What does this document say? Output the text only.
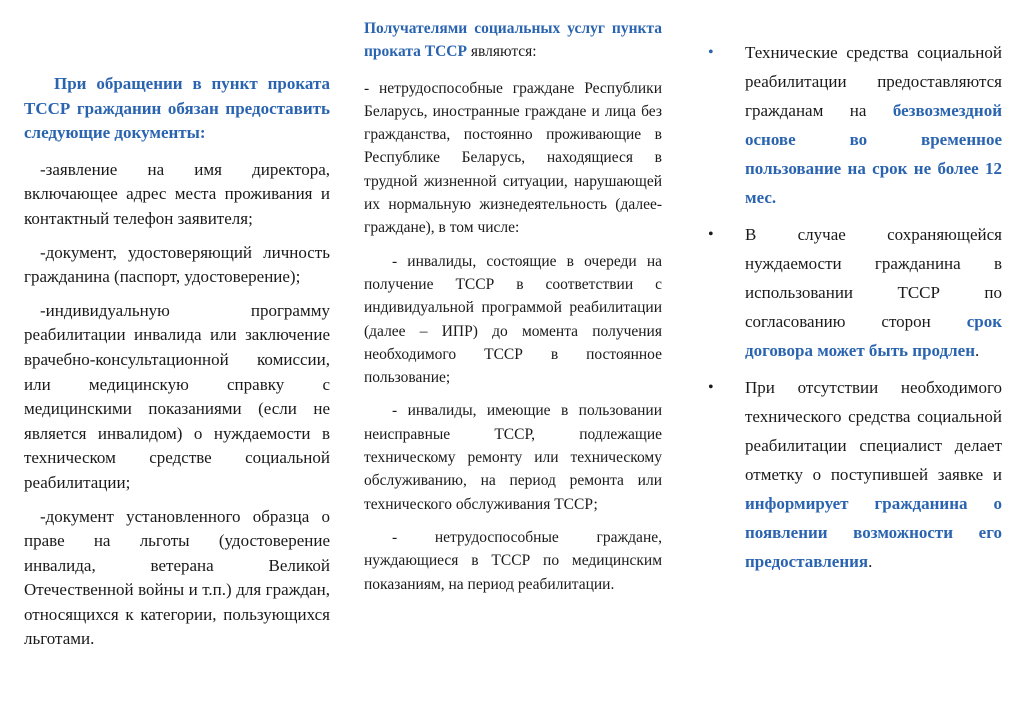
При обращении в пункт проката ТССР гражданин обязан предоставить следующие документы:

-заявление на имя директора, включающее адрес места проживания и контактный телефон заявителя;

-документ, удостоверяющий личность гражданина (паспорт, удостоверение);

-индивидуальную программу реабилитации инвалида или заключение врачебно-консультационной комиссии, или медицинскую справку с медицинскими показаниями (если не является инвалидом) о нуждаемости в техническом средстве социальной реабилитации;

-документ установленного образца о праве на льготы (удостоверение инвалида, ветерана Великой Отечественной войны и т.п.) для граждан, относящихся к категории, пользующихся льготами.

Получателями социальных услуг пункта проката ТССР являются:

- нетрудоспособные граждане Республики Беларусь, иностранные граждане и лица без гражданства, постоянно проживающие в Республике Беларусь, находящиеся в трудной жизненной ситуации, нарушающей их нормальную жизнедеятельность (далее-граждане), в том числе:

- инвалиды, состоящие в очереди на получение ТССР в соответствии с индивидуальной программой реабилитации (далее – ИПР) до момента получения необходимого ТССР в постоянное пользование;

- инвалиды, имеющие в пользовании неисправные ТССР, подлежащие техническому ремонту или техническому обслуживанию, на период ремонта или технического обслуживания ТССР;

- нетрудоспособные граждане, нуждающиеся в ТССР по медицинским показаниям, на период реабилитации.

• Технические средства социальной реабилитации предоставляются гражданам на безвозмездной основе во временное пользование на срок не более 12 мес.
• В случае сохраняющейся нуждаемости гражданина в использовании ТССР по согласованию сторон срок договора может быть продлен.
• При отсутствии необходимого технического средства социальной реабилитации специалист делает отметку о поступившей заявке и информирует гражданина о появлении возможности его предоставления.
